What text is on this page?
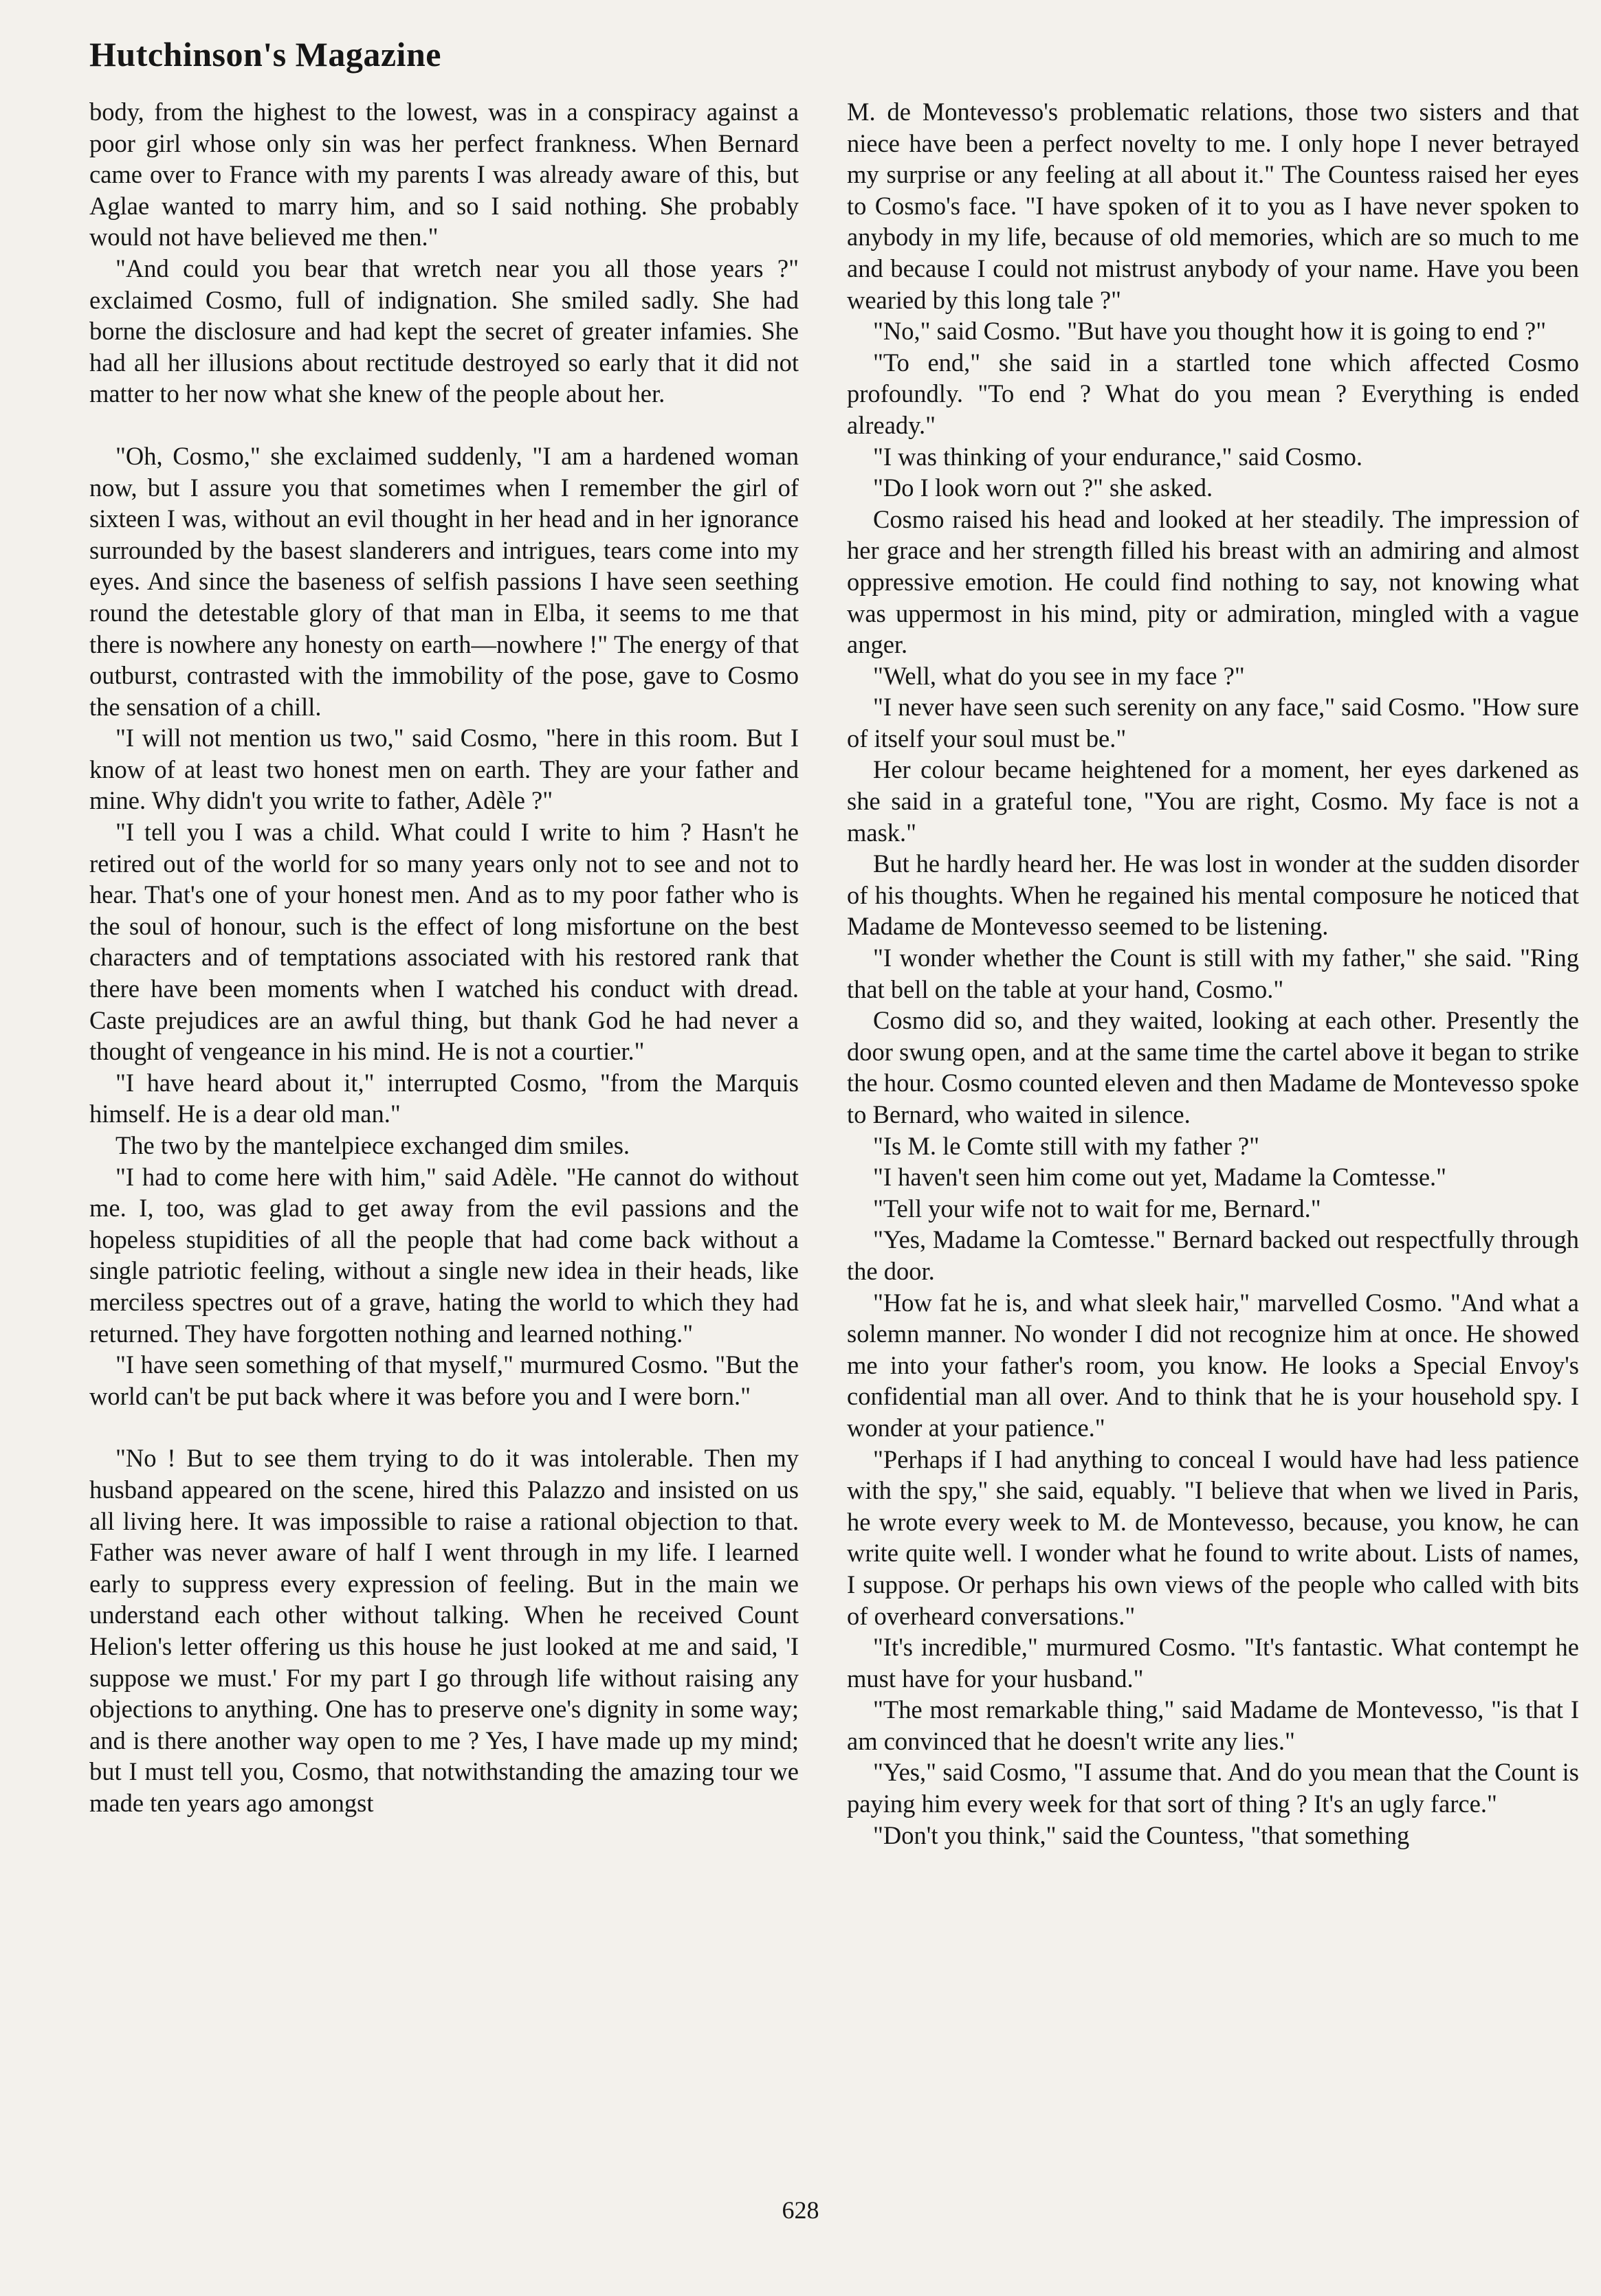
Hutchinson's Magazine

body, from the highest to the lowest, was in a conspiracy against a poor girl whose only sin was her perfect frankness. When Bernard came over to France with my parents I was already aware of this, but Aglae wanted to marry him, and so I said nothing. She probably would not have believed me then."

"And could you bear that wretch near you all those years ?" exclaimed Cosmo, full of indignation. She smiled sadly. She had borne the disclosure and had kept the secret of greater infamies. She had all her illusions about rectitude destroyed so early that it did not matter to her now what she knew of the people about her.

"Oh, Cosmo," she exclaimed suddenly, "I am a hardened woman now, but I assure you that sometimes when I remember the girl of sixteen I was, without an evil thought in her head and in her ignorance surrounded by the basest slanderers and intrigues, tears come into my eyes. And since the baseness of selfish passions I have seen seething round the detestable glory of that man in Elba, it seems to me that there is nowhere any honesty on earth—nowhere !" The energy of that outburst, contrasted with the immobility of the pose, gave to Cosmo the sensation of a chill.

"I will not mention us two," said Cosmo, "here in this room. But I know of at least two honest men on earth. They are your father and mine. Why didn't you write to father, Adèle ?"

"I tell you I was a child. What could I write to him ? Hasn't he retired out of the world for so many years only not to see and not to hear. That's one of your honest men. And as to my poor father who is the soul of honour, such is the effect of long misfortune on the best characters and of temptations associated with his restored rank that there have been moments when I watched his conduct with dread. Caste prejudices are an awful thing, but thank God he had never a thought of vengeance in his mind. He is not a courtier."

"I have heard about it," interrupted Cosmo, "from the Marquis himself. He is a dear old man."

The two by the mantelpiece exchanged dim smiles.

"I had to come here with him," said Adèle. "He cannot do without me. I, too, was glad to get away from the evil passions and the hopeless stupidities of all the people that had come back without a single patriotic feeling, without a single new idea in their heads, like merciless spectres out of a grave, hating the world to which they had returned. They have forgotten nothing and learned nothing."

"I have seen something of that myself," murmured Cosmo. "But the world can't be put back where it was before you and I were born."

"No ! But to see them trying to do it was intolerable. Then my husband appeared on the scene, hired this Palazzo and insisted on us all living here. It was impossible to raise a rational objection to that. Father was never aware of half I went through in my life. I learned early to suppress every expression of feeling. But in the main we understand each other without talking. When he received Count Helion's letter offering us this house he just looked at me and said, 'I suppose we must.' For my part I go through life without raising any objections to anything. One has to preserve one's dignity in some way; and is there another way open to me ? Yes, I have made up my mind; but I must tell you, Cosmo, that notwithstanding the amazing tour we made ten years ago amongst

M. de Montevesso's problematic relations, those two sisters and that niece have been a perfect novelty to me. I only hope I never betrayed my surprise or any feeling at all about it." The Countess raised her eyes to Cosmo's face. "I have spoken of it to you as I have never spoken to anybody in my life, because of old memories, which are so much to me and because I could not mistrust anybody of your name. Have you been wearied by this long tale ?"

"No," said Cosmo. "But have you thought how it is going to end ?"

"To end," she said in a startled tone which affected Cosmo profoundly. "To end ? What do you mean ? Everything is ended already."

"I was thinking of your endurance," said Cosmo.

"Do I look worn out ?" she asked.

Cosmo raised his head and looked at her steadily. The impression of her grace and her strength filled his breast with an admiring and almost oppressive emotion. He could find nothing to say, not knowing what was uppermost in his mind, pity or admiration, mingled with a vague anger.

"Well, what do you see in my face ?"

"I never have seen such serenity on any face," said Cosmo. "How sure of itself your soul must be."

Her colour became heightened for a moment, her eyes darkened as she said in a grateful tone, "You are right, Cosmo. My face is not a mask."

But he hardly heard her. He was lost in wonder at the sudden disorder of his thoughts. When he regained his mental composure he noticed that Madame de Montevesso seemed to be listening.

"I wonder whether the Count is still with my father," she said. "Ring that bell on the table at your hand, Cosmo."

Cosmo did so, and they waited, looking at each other. Presently the door swung open, and at the same time the cartel above it began to strike the hour. Cosmo counted eleven and then Madame de Montevesso spoke to Bernard, who waited in silence.

"Is M. le Comte still with my father ?"

"I haven't seen him come out yet, Madame la Comtesse."

"Tell your wife not to wait for me, Bernard."

"Yes, Madame la Comtesse." Bernard backed out respectfully through the door.

"How fat he is, and what sleek hair," marvelled Cosmo. "And what a solemn manner. No wonder I did not recognize him at once. He showed me into your father's room, you know. He looks a Special Envoy's confidential man all over. And to think that he is your household spy. I wonder at your patience."

"Perhaps if I had anything to conceal I would have had less patience with the spy," she said, equably. "I believe that when we lived in Paris, he wrote every week to M. de Montevesso, because, you know, he can write quite well. I wonder what he found to write about. Lists of names, I suppose. Or perhaps his own views of the people who called with bits of overheard conversations."

"It's incredible," murmured Cosmo. "It's fantastic. What contempt he must have for your husband."

"The most remarkable thing," said Madame de Montevesso, "is that I am convinced that he doesn't write any lies."

"Yes," said Cosmo, "I assume that. And do you mean that the Count is paying him every week for that sort of thing ? It's an ugly farce."

"Don't you think," said the Countess, "that something

628
